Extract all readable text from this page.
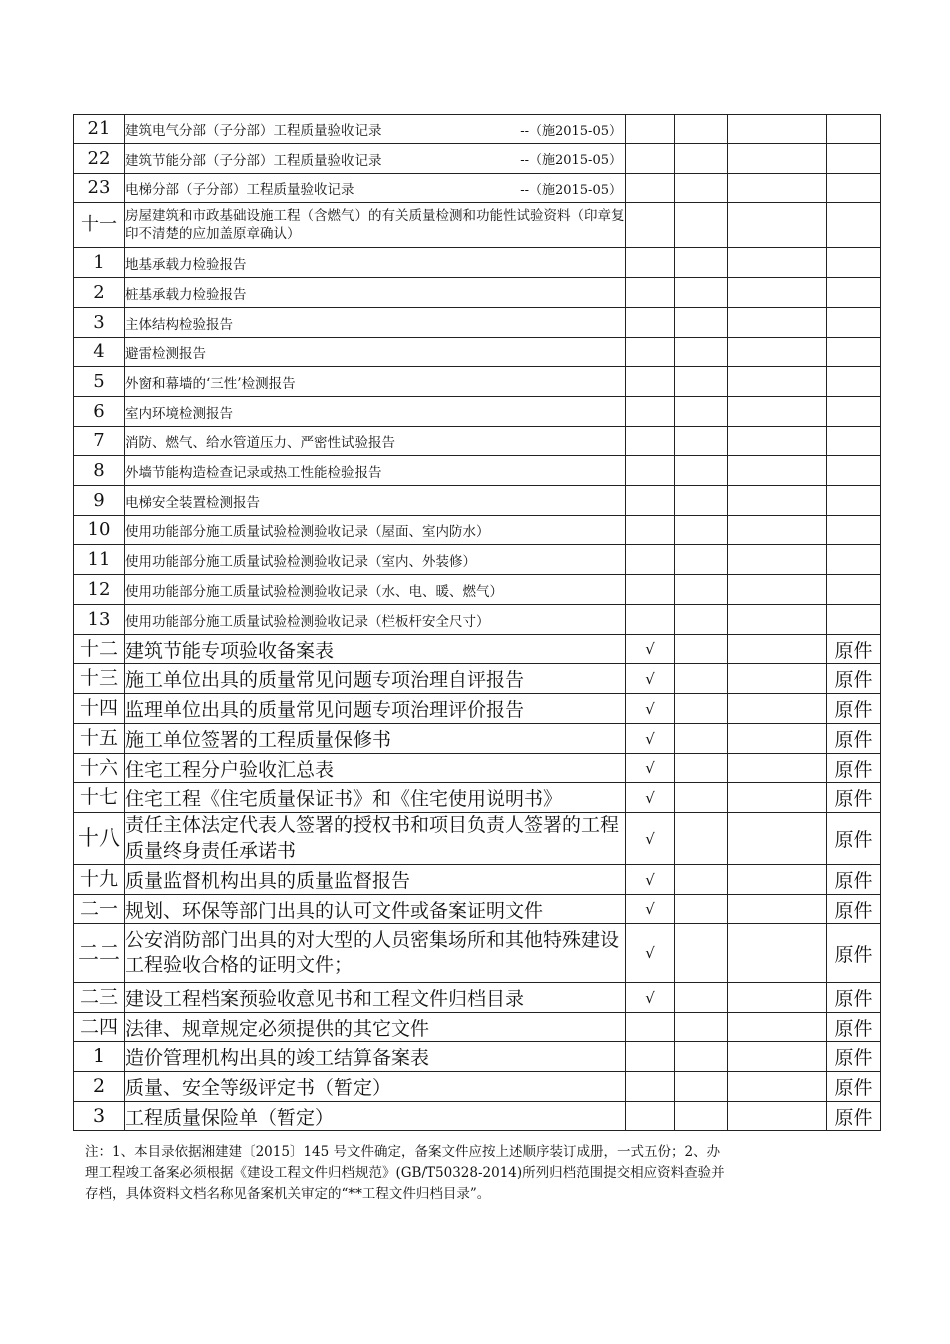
21	建筑电气分部（子分部）工程质量验收记录 --（施2015-05）				

22	建筑节能分部（子分部）工程质量验收记录 --（施2015-05）				

23	电梯分部（子分部）工程质量验收记录 --（施2015-05）				

十一	房屋建筑和市政基础设施工程（含燃气）的有关质量检测和功能性试验资料（印章复印不清楚的应加盖原章确认）				
1	地基承载力检验报告				
2	桩基承载力检验报告				
3	主体结构检验报告				
4	避雷检测报告				
5	外窗和幕墙的‘三性’检测报告				
6	室内环境检测报告				
7	消防、燃气、给水管道压力、严密性试验报告				
8	外墙节能构造检查记录或热工性能检验报告				
9	电梯安全装置检测报告				
10	使用功能部分施工质量试验检测验收记录（屋面、室内防水）				
11	使用功能部分施工质量试验检测验收记录（室内、外装修）				
12	使用功能部分施工质量试验检测验收记录（水、电、暖、燃气）				
13	使用功能部分施工质量试验检测验收记录（栏板杆安全尺寸）				
十二	建筑节能专项验收备案表	√			原件
十三	施工单位出具的质量常见问题专项治理自评报告	√			原件
十四	监理单位出具的质量常见问题专项治理评价报告	√			原件
十五	施工单位签署的工程质量保修书	√			原件
十六	住宅工程分户验收汇总表	√			原件
十七	住宅工程《住宅质量保证书》和《住宅使用说明书》	√			原件
十八	责任主体法定代表人签署的授权书和项目负责人签署的工程质量终身责任承诺书	√			原件
十九	质量监督机构出具的质量监督报告	√			原件
二一	规划、环保等部门出具的认可文件或备案证明文件	√			原件
二二	公安消防部门出具的对大型的人员密集场所和其他特殊建设工程验收合格的证明文件；	√			原件
二三	建设工程档案预验收意见书和工程文件归档目录	√			原件
二四	法律、规章规定必须提供的其它文件				原件
1	造价管理机构出具的竣工结算备案表				原件
2	质量、安全等级评定书（暂定）				原件
3	工程质量保险单（暂定）				原件
注：1、本目录依据湘建建〔2015〕145 号文件确定，备案文件应按上述顺序装订成册，一式五份；2、办
理工程竣工备案必须根据《建设工程文件归档规范》(GB/T50328-2014)所列归档范围提交相应资料查验并
存档，具体资料文档名称见备案机关审定的“**工程文件归档目录”。
